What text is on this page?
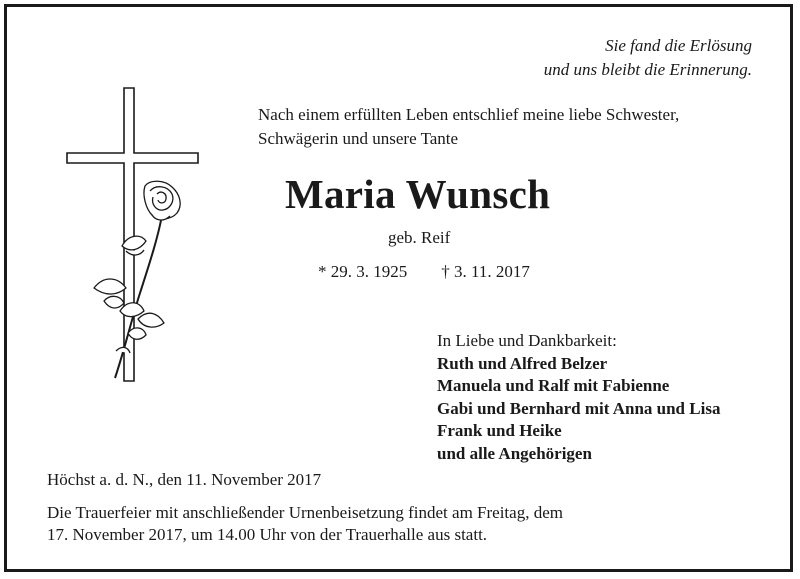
Sie fand die Erlösung
und uns bleibt die Erinnerung.
Nach einem erfüllten Leben entschlief meine liebe Schwester,
Schwägerin und unsere Tante
Maria Wunsch
geb. Reif
* 29. 3. 1925 † 3. 11. 2017
In Liebe und Dankbarkeit:
Ruth und Alfred Belzer
Manuela und Ralf mit Fabienne
Gabi und Bernhard mit Anna und Lisa
Frank und Heike
und alle Angehörigen
Höchst a. d. N., den 11. November 2017
Die Trauerfeier mit anschließender Urnenbeisetzung findet am Freitag, dem
17. November 2017, um 14.00 Uhr von der Trauerhalle aus statt.
